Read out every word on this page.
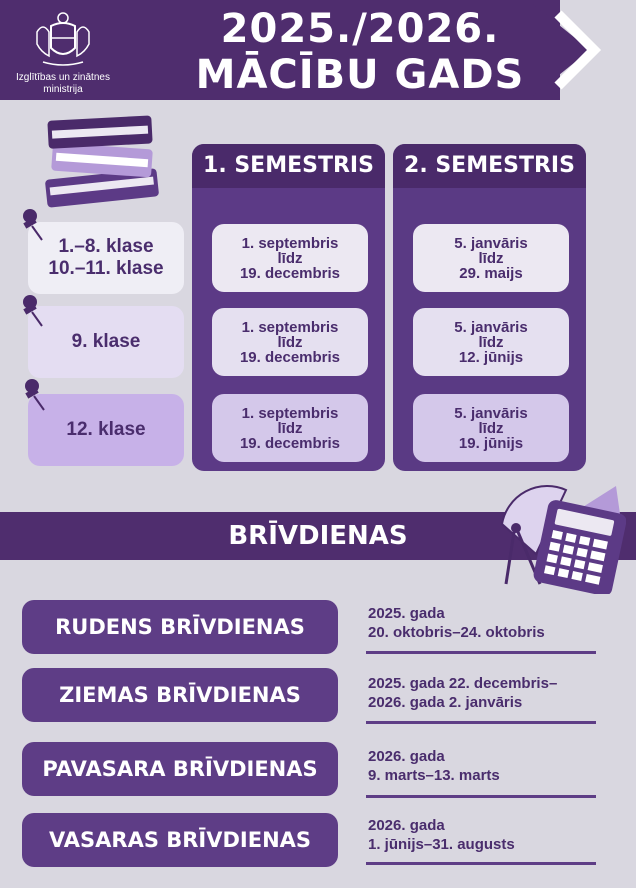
Izglītības un zinātnes ministrija
2025./2026.
MĀCĪBU GADS
1.–8. klase
10.–11. klase
9. klase
12. klase
1. SEMESTRIS
1. septembris
līdz
19. decembris
1. septembris
līdz
19. decembris
1. septembris
līdz
19. decembris
2. SEMESTRIS
5. janvāris
līdz
29. maijs
5. janvāris
līdz
12. jūnijs
5. janvāris
līdz
19. jūnijs
BRĪVDIENAS
RUDENS BRĪVDIENAS
2025. gada
20. oktobris–24. oktobris
ZIEMAS BRĪVDIENAS	2025. gada 22. decembris–
2026. gada 2. janvāris
PAVASARA BRĪVDIENAS
2026. gada
9. marts–13. marts
VASARAS BRĪVDIENAS
2026. gada
1. jūnijs–31. augusts
